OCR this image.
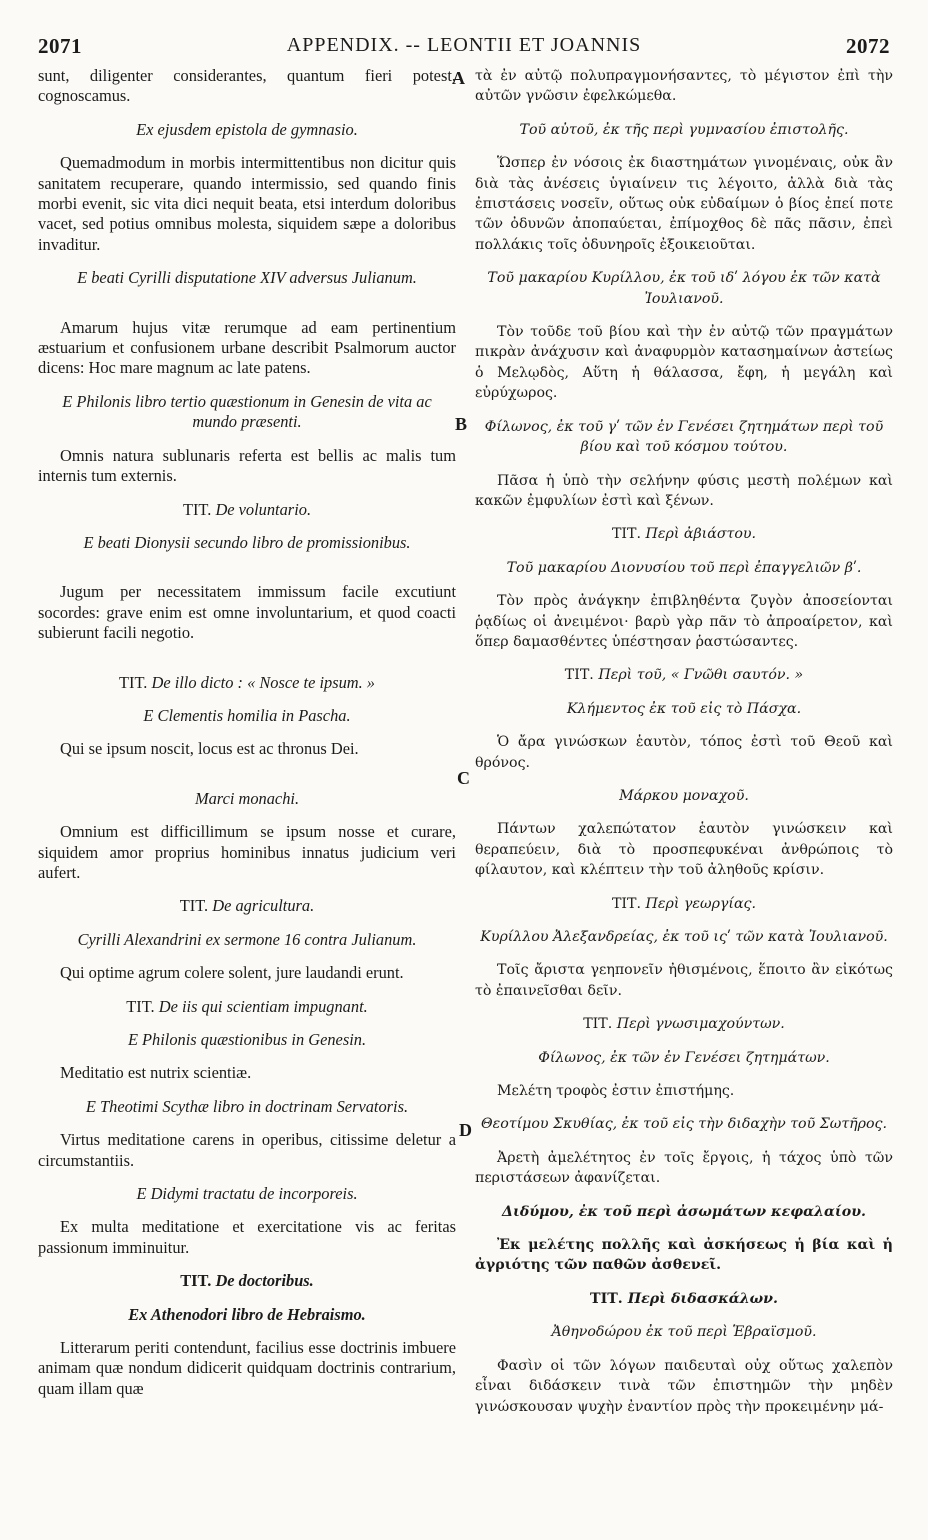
2071	APPENDIX. -- LEONTII ET JOANNIS	2072

sunt, diligenter considerantes, quantum fieri potest, cognoscamus.

Ex ejusdem epistola de gymnasio.

Quemadmodum in morbis intermittentibus non dicitur quis sanitatem recuperare, quando intermissio, sed quando finis morbi evenit, sic vita dici nequit beata, etsi interdum doloribus vacet, sed potius omnibus molesta, siquidem sæpe a doloribus invaditur.

E beati Cyrilli disputatione XIV adversus Julianum.

Amarum hujus vitæ rerumque ad eam pertinentium æstuarium et confusionem urbane describit Psalmorum auctor dicens: Hoc mare magnum ac late patens.

E Philonis libro tertio quæstionum in Genesin de vita ac mundo præsenti.

Omnis natura sublunaris referta est bellis ac malis tum internis tum externis.

TIT. De voluntario.

E beati Dionysii secundo libro de promissionibus.

Jugum per necessitatem immissum facile excutiunt socordes: grave enim est omne involuntarium, et quod coacti subierunt facili negotio.

TIT. De illo dicto : « Nosce te ipsum. »

E Clementis homilia in Pascha.

Qui se ipsum noscit, locus est ac thronus Dei.

Marci monachi.

Omnium est difficillimum se ipsum nosse et curare, siquidem amor proprius hominibus innatus judicium veri aufert.

TIT. De agricultura.

Cyrilli Alexandrini ex sermone 16 contra Julianum.

Qui optime agrum colere solent, jure laudandi erunt.

TIT. De iis qui scientiam impugnant.

E Philonis quæstionibus in Genesin.

Meditatio est nutrix scientiæ.

E Theotimi Scythæ libro in doctrinam Servatoris.

Virtus meditatione carens in operibus, citissime deletur a circumstantiis.

E Didymi tractatu de incorporeis.

Ex multa meditatione et exercitatione vis ac feritas passionum imminuitur.

TIT. De doctoribus.

Ex Athenodori libro de Hebraismo.

Litterarum periti contendunt, facilius esse doctrinis imbuere animam quæ nondum didicerit quidquam doctrinis contrarium, quam illam quæ

A
B
C
D

τὰ ἐν αὐτῷ πολυπραγμονήσαντες, τὸ μέγιστον ἐπὶ τὴν αὐτῶν γνῶσιν ἐφελκώμεθα.

Τοῦ αὐτοῦ, ἐκ τῆς περὶ γυμνασίου ἐπιστολῆς.

Ὥσπερ ἐν νόσοις ἐκ διαστημάτων γινομέναις, οὐκ ἂν διὰ τὰς ἀνέσεις ὑγιαίνειν τις λέγοιτο, ἀλλὰ διὰ τὰς ἐπιστάσεις νοσεῖν, οὕτως οὐκ εὐδαίμων ὁ βίος ἐπεί ποτε τῶν ὀδυνῶν ἀποπαύεται, ἐπίμοχθος δὲ πᾶς πᾶσιν, ἐπεὶ πολλάκις τοῖς ὀδυνηροῖς ἐξοικειοῦται.

Τοῦ μακαρίου Κυρίλλου, ἐκ τοῦ ιδʹ λόγου ἐκ τῶν κατὰ Ἰουλιανοῦ.

Τὸν τοῦδε τοῦ βίου καὶ τὴν ἐν αὐτῷ τῶν πραγμάτων πικρὰν ἀνάχυσιν καὶ ἀναφυρμὸν κατασημαίνων ἀστείως ὁ Μελῳδὸς, Αὕτη ἡ θάλασσα, ἔφη, ἡ μεγάλη καὶ εὐρύχωρος.

Φίλωνος, ἐκ τοῦ γʹ τῶν ἐν Γενέσει ζητημάτων περὶ τοῦ βίου καὶ τοῦ κόσμου τούτου.

Πᾶσα ἡ ὑπὸ τὴν σελήνην φύσις μεστὴ πολέμων καὶ κακῶν ἐμφυλίων ἐστὶ καὶ ξένων.

ΤΙΤ. Περὶ ἀβιάστου.

Τοῦ μακαρίου Διονυσίου τοῦ περὶ ἐπαγγελιῶν βʹ.

Τὸν πρὸς ἀνάγκην ἐπιβληθέντα ζυγὸν ἀποσείονται ῥᾳδίως οἱ ἀνειμένοι· βαρὺ γὰρ πᾶν τὸ ἀπροαίρετον, καὶ ὅπερ δαμασθέντες ὑπέστησαν ῥαστώσαντες.

ΤΙΤ. Περὶ τοῦ, « Γνῶθι σαυτόν. »

Κλήμεντος ἐκ τοῦ εἰς τὸ Πάσχα.

Ὁ ἄρα γινώσκων ἑαυτὸν, τόπος ἐστὶ τοῦ Θεοῦ καὶ θρόνος.

Μάρκου μοναχοῦ.

Πάντων χαλεπώτατον ἑαυτὸν γινώσκειν καὶ θεραπεύειν, διὰ τὸ προσπεφυκέναι ἀνθρώποις τὸ φίλαυτον, καὶ κλέπτειν τὴν τοῦ ἀληθοῦς κρίσιν.

ΤΙΤ. Περὶ γεωργίας.

Κυρίλλου Ἀλεξανδρείας, ἐκ τοῦ ιςʹ τῶν κατὰ Ἰουλιανοῦ.

Τοῖς ἄριστα γεηπονεῖν ἠθισμένοις, ἕποιτο ἂν εἰκότως τὸ ἐπαινεῖσθαι δεῖν.

ΤΙΤ. Περὶ γνωσιμαχούντων.

Φίλωνος, ἐκ τῶν ἐν Γενέσει ζητημάτων.

Μελέτη τροφὸς ἐστιν ἐπιστήμης.

Θεοτίμου Σκυθίας, ἐκ τοῦ εἰς τὴν διδαχὴν τοῦ Σωτῆρος.

Ἀρετὴ ἀμελέτητος ἐν τοῖς ἔργοις, ἡ τάχος ὑπὸ τῶν περιστάσεων ἀφανίζεται.

Διδύμου, ἐκ τοῦ περὶ ἀσωμάτων κεφαλαίου.

Ἐκ μελέτης πολλῆς καὶ ἀσκήσεως ἡ βία καὶ ἡ ἀγριότης τῶν παθῶν ἀσθενεῖ.

ΤΙΤ. Περὶ διδασκάλων.

Ἀθηνοδώρου ἐκ τοῦ περὶ Ἑβραϊσμοῦ.

Φασὶν οἱ τῶν λόγων παιδευταὶ οὐχ οὕτως χαλεπὸν εἶναι διδάσκειν τινὰ τῶν ἐπιστημῶν τὴν μηδὲν γινώσκουσαν ψυχὴν ἐναντίον πρὸς τὴν προκειμένην μά-
